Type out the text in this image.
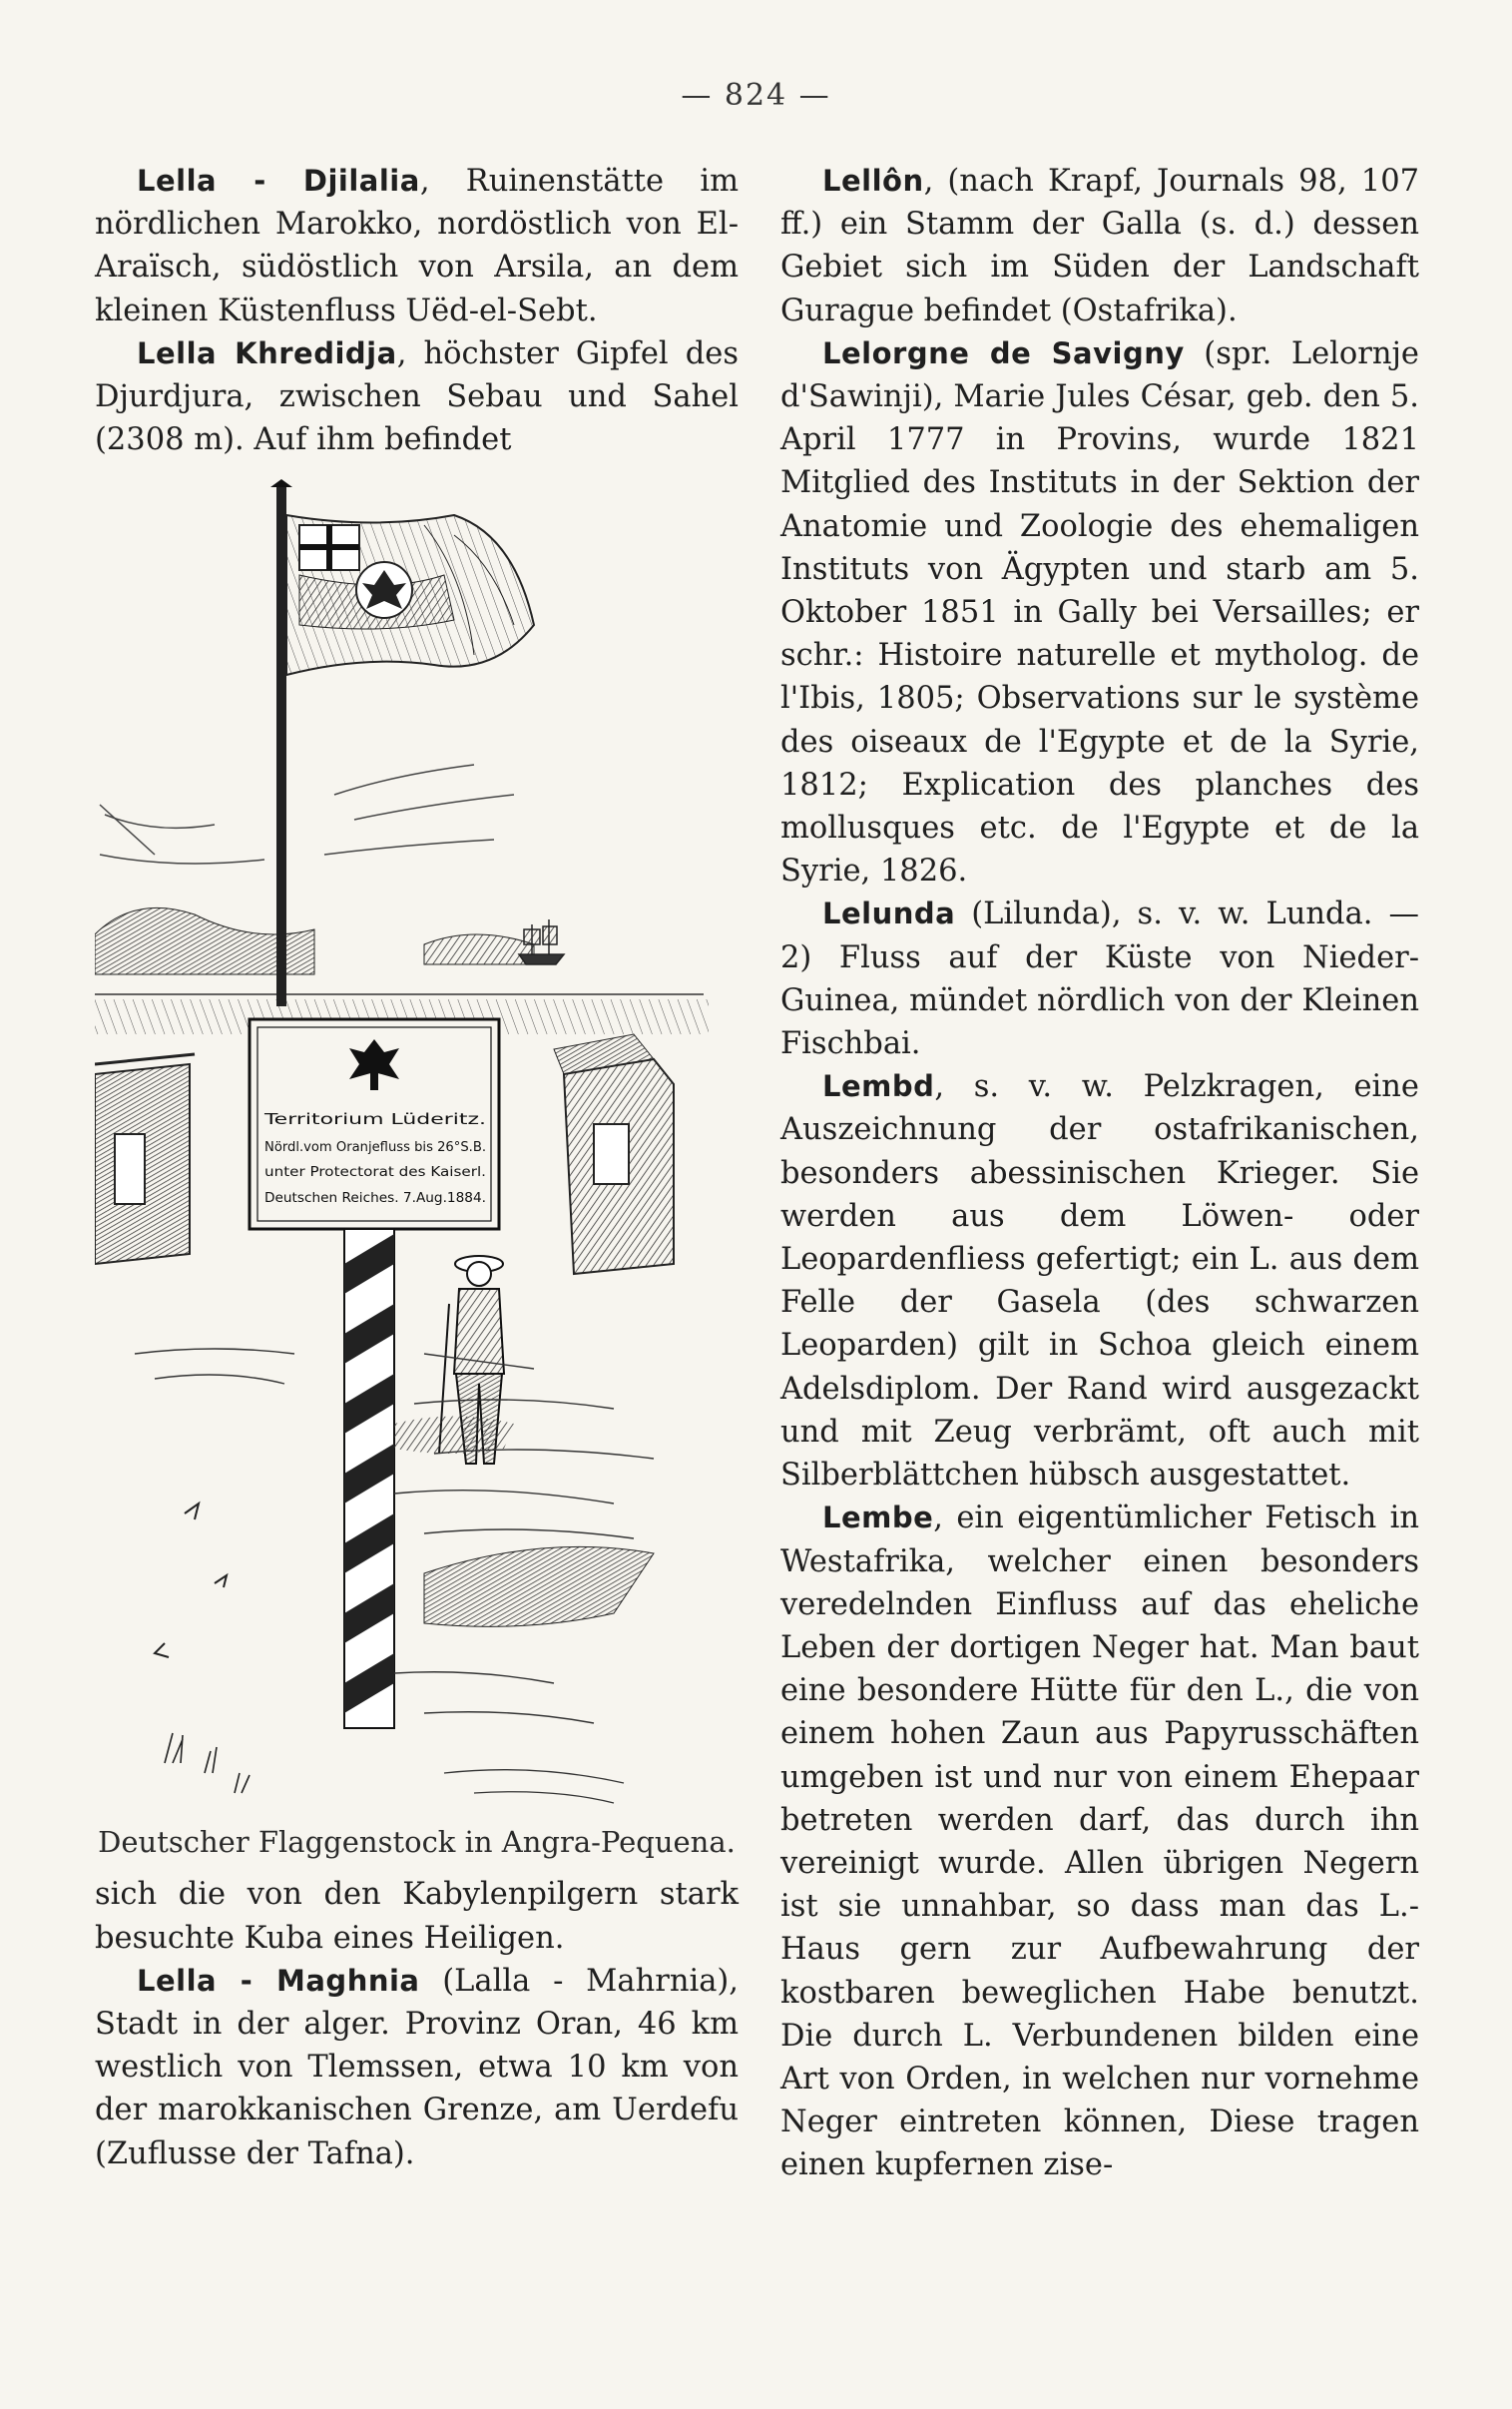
— 824 —

Lella - Djilalia, Ruinenstätte im nördlichen Marokko, nordöstlich von El-Araïsch, südöstlich von Arsila, an dem kleinen Küstenfluss Uëd-el-Sebt.

Lella Khredidja, höchster Gipfel des Djurdjura, zwischen Sebau und Sahel (2308 m). Auf ihm befindet

Territorium Lüderitz.
Nördl.vom Oranjefluss bis 26°S.B.
unter Protectorat des Kaiserl.
Deutschen Reiches. 7.Aug.1884.
Deutscher Flaggenstock in Angra-Pequena.

sich die von den Kabylenpilgern stark besuchte Kuba eines Heiligen.

Lella - Maghnia (Lalla - Mahrnia), Stadt in der alger. Provinz Oran, 46 km westlich von Tlemssen, etwa 10 km von der marokkanischen Grenze, am Uerdefu (Zuflusse der Tafna).

Lellôn, (nach Krapf, Journals 98, 107 ff.) ein Stamm der Galla (s. d.) dessen Gebiet sich im Süden der Landschaft Gurague befindet (Ostafrika).

Lelorgne de Savigny (spr. Lelornje d'Sawinji), Marie Jules César, geb. den 5. April 1777 in Provins, wurde 1821 Mitglied des Instituts in der Sektion der Anatomie und Zoologie des ehemaligen Instituts von Ägypten und starb am 5. Oktober 1851 in Gally bei Versailles; er schr.: Histoire naturelle et mytholog. de l'Ibis, 1805; Observations sur le système des oiseaux de l'Egypte et de la Syrie, 1812; Explication des planches des mollusques etc. de l'Egypte et de la Syrie, 1826.

Lelunda (Lilunda), s. v. w. Lunda. — 2) Fluss auf der Küste von Nieder-Guinea, mündet nördlich von der Kleinen Fischbai.

Lembd, s. v. w. Pelzkragen, eine Auszeichnung der ostafrikanischen, besonders abessinischen Krieger. Sie werden aus dem Löwen- oder Leopardenfliess gefertigt; ein L. aus dem Felle der Gasela (des schwarzen Leoparden) gilt in Schoa gleich einem Adelsdiplom. Der Rand wird ausgezackt und mit Zeug verbrämt, oft auch mit Silberblättchen hübsch ausgestattet.

Lembe, ein eigentümlicher Fetisch in Westafrika, welcher einen besonders veredelnden Einfluss auf das eheliche Leben der dortigen Neger hat. Man baut eine besondere Hütte für den L., die von einem hohen Zaun aus Papyrusschäften umgeben ist und nur von einem Ehepaar betreten werden darf, das durch ihn vereinigt wurde. Allen übrigen Negern ist sie unnahbar, so dass man das L.-Haus gern zur Aufbewahrung der kostbaren beweglichen Habe benutzt. Die durch L. Verbundenen bilden eine Art von Orden, in welchen nur vornehme Neger eintreten können, Diese tragen einen kupfernen zise-
